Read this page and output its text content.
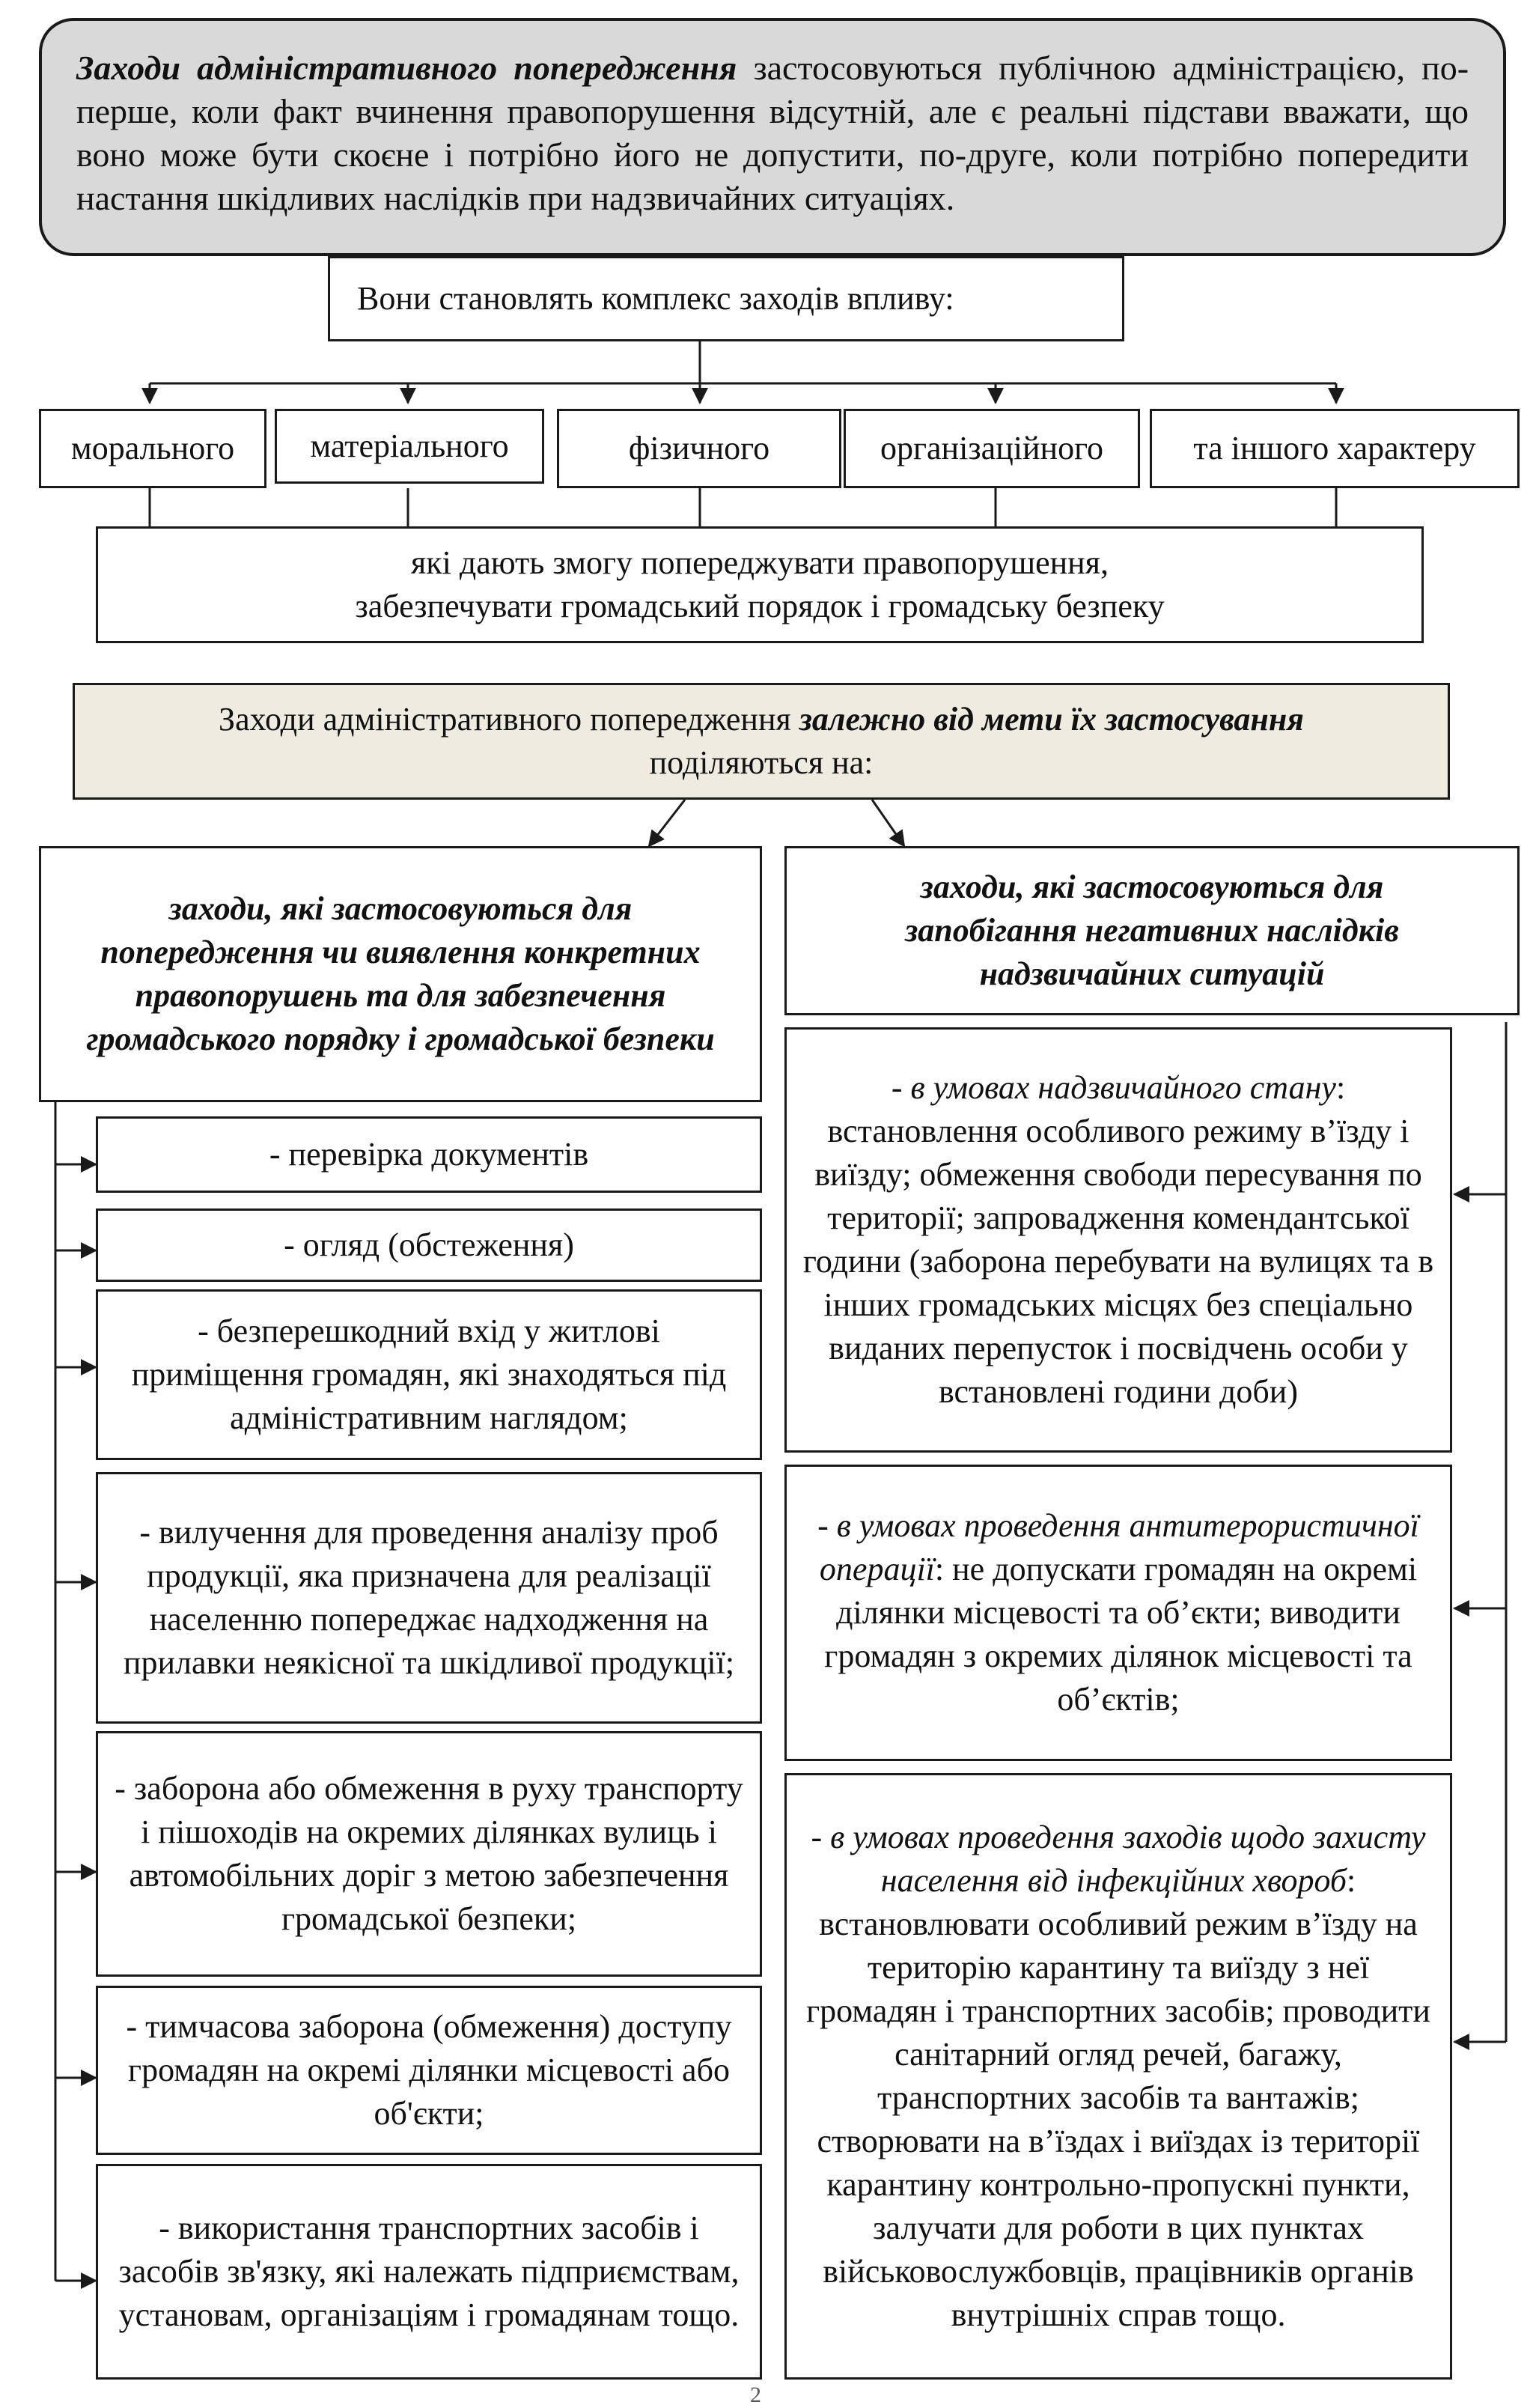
Заходи адміністративного попередження застосовуються публічною адміністрацією, по-перше, коли факт вчинення правопорушення відсутній, але є реальні підстави вважати, що воно може бути скоєне і потрібно його не допустити, по-друге, коли потрібно попередити настання шкідливих наслідків при надзвичайних ситуаціях.
Вони становлять комплекс заходів впливу:
морального матеріального	фізичного	організаційного	та іншого характеру
які дають змогу попереджувати правопорушення,
забезпечувати громадський порядок і громадську безпеку
Заходи адміністративного попередження залежно від мети їх застосування
поділяються на:
заходи, які застосовуються для попередження чи виявлення конкретних правопорушень та для забезпечення громадського порядку і громадської безпеки
заходи, які застосовуються для запобігання негативних наслідків надзвичайних ситуацій
- перевірка документів
- огляд (обстеження)
- безперешкодний вхід у житлові приміщення громадян, які знаходяться під адміністративним наглядом;
- вилучення для проведення аналізу проб продукції, яка призначена для реалізації населенню попереджає надходження на прилавки неякісної та шкідливої продукції;
- заборона або обмеження в руху транспорту і пішоходів на окремих ділянках вулиць і автомобільних доріг з метою забезпечення громадської безпеки;
- тимчасова заборона (обмеження) доступу громадян на окремі ділянки місцевості або об'єкти;
- використання транспортних засобів і засобів зв'язку, які належать підприємствам, установам, організаціям і громадянам тощо.
- в умовах надзвичайного стану: встановлення особливого режиму в’їзду і виїзду; обмеження свободи пересування по території; запровадження комендантської години (заборона перебувати на вулицях та в інших громадських місцях без спеціально виданих перепусток і посвідчень особи у встановлені години доби)
- в умовах проведення антитерористичної операції: не допускати громадян на окремі ділянки місцевості та об’єкти; виводити громадян з окремих ділянок місцевості та об’єктів;
- в умовах проведення заходів щодо захисту населення від інфекційних хвороб: встановлювати особливий режим в’їзду на територію карантину та виїзду з неї громадян і транспортних засобів; проводити санітарний огляд речей, багажу, транспортних засобів та вантажів; створювати на в’їздах і виїздах із території карантину контрольно-пропускні пункти, залучати для роботи в цих пунктах військовослужбовців, працівників органів внутрішніх справ тощо.
2
